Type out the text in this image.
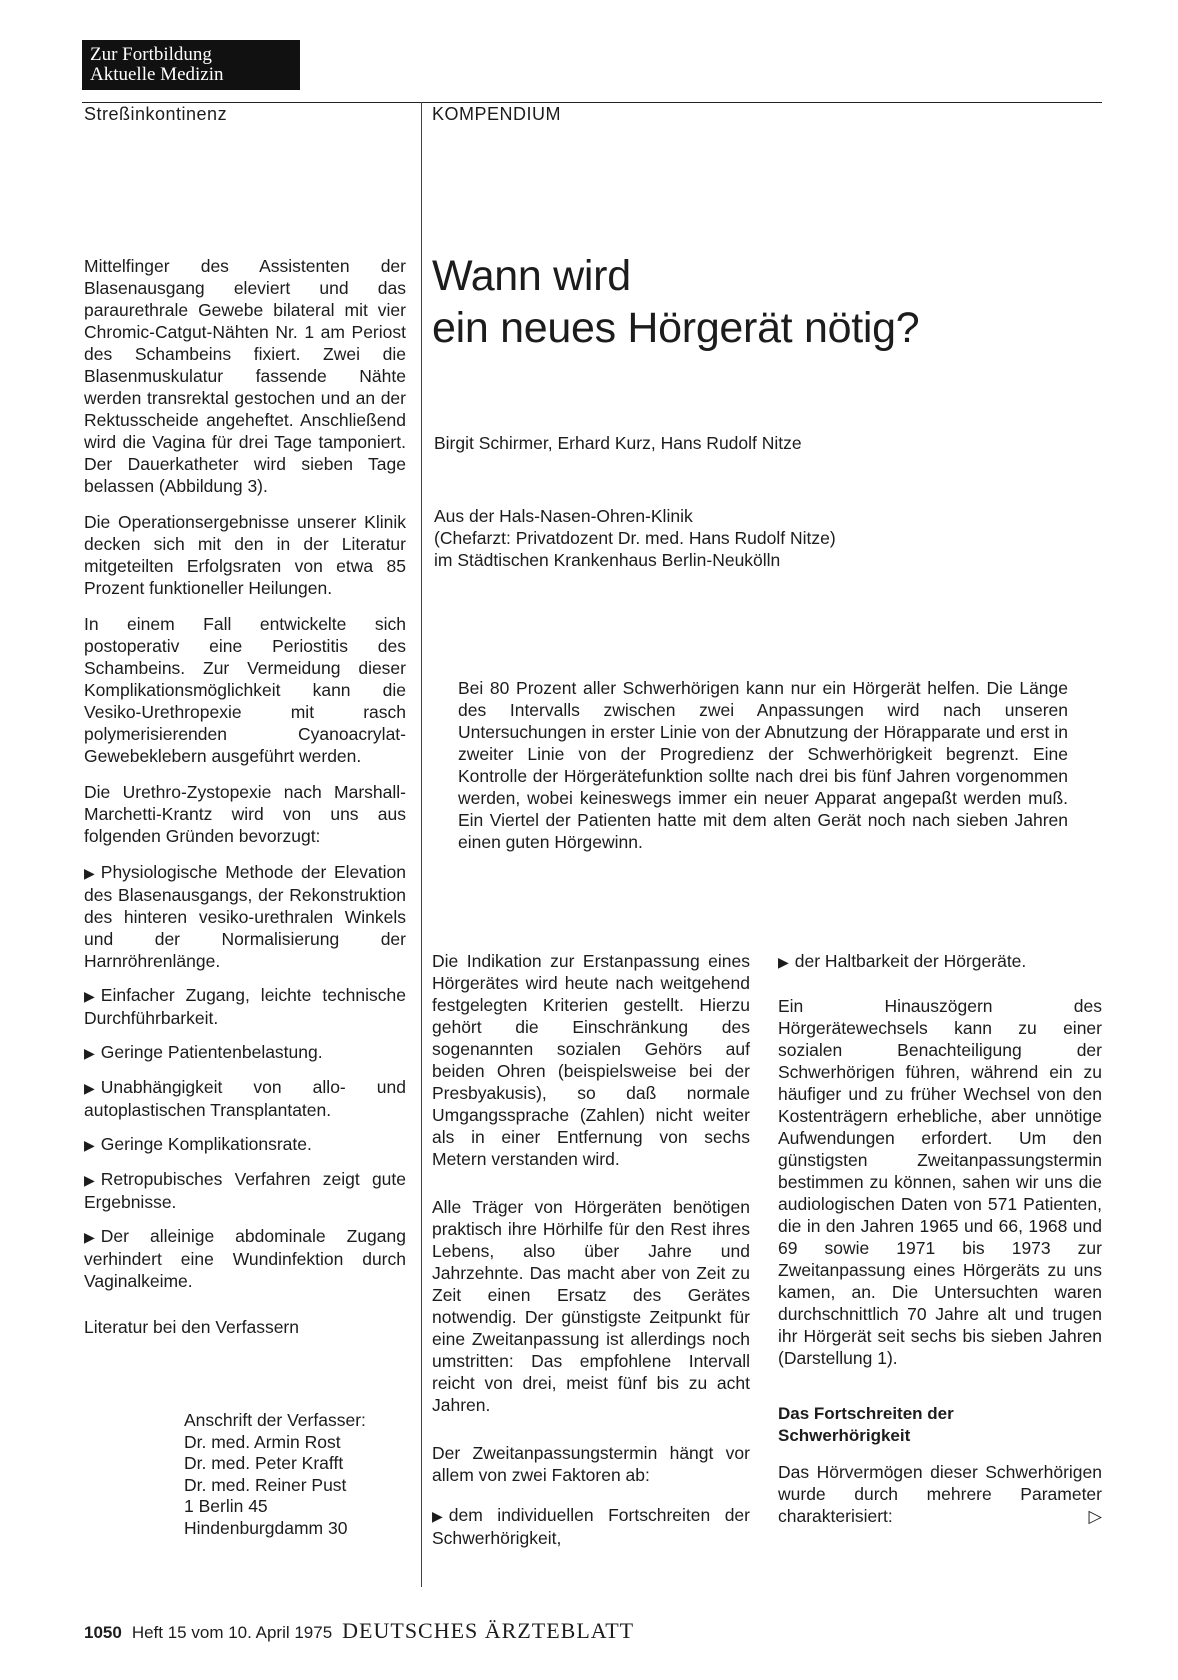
Zur Fortbildung
Aktuelle Medizin
Streßinkontinenz	KOMPENDIUM

Mittelfinger des Assistenten der Blasenausgang eleviert und das paraurethrale Gewebe bilateral mit vier Chromic-Catgut-Nähten Nr. 1 am Periost des Schambeins fixiert. Zwei die Blasenmuskulatur fassende Nähte werden transrektal gestochen und an der Rektusscheide angeheftet. Anschließend wird die Vagina für drei Tage tamponiert. Der Dauerkatheter wird sieben Tage belassen (Abbildung 3).

Die Operationsergebnisse unserer Klinik decken sich mit den in der Literatur mitgeteilten Erfolgsraten von etwa 85 Prozent funktioneller Heilungen.

In einem Fall entwickelte sich postoperativ eine Periostitis des Schambeins. Zur Vermeidung dieser Komplikationsmöglichkeit kann die Vesiko-Urethropexie mit rasch polymerisierenden Cyanoacrylat-Gewebeklebern ausgeführt werden.

Die Urethro-Zystopexie nach Marshall-Marchetti-Krantz wird von uns aus folgenden Gründen bevorzugt:

▶ Physiologische Methode der Elevation des Blasenausgangs, der Rekonstruktion des hinteren vesiko-urethralen Winkels und der Normalisierung der Harnröhrenlänge.

▶ Einfacher Zugang, leichte technische Durchführbarkeit.

▶ Geringe Patientenbelastung.

▶ Unabhängigkeit von allo- und autoplastischen Transplantaten.

▶ Geringe Komplikationsrate.

▶ Retropubisches Verfahren zeigt gute Ergebnisse.

▶ Der alleinige abdominale Zugang verhindert eine Wundinfektion durch Vaginalkeime.

Literatur bei den Verfassern

Anschrift der Verfasser:
Dr. med. Armin Rost
Dr. med. Peter Krafft
Dr. med. Reiner Pust
1 Berlin 45
Hindenburgdamm 30
Wann wird
ein neues Hörgerät nötig?
Birgit Schirmer, Erhard Kurz, Hans Rudolf Nitze
Aus der Hals-Nasen-Ohren-Klinik
(Chefarzt: Privatdozent Dr. med. Hans Rudolf Nitze)
im Städtischen Krankenhaus Berlin-Neukölln
Bei 80 Prozent aller Schwerhörigen kann nur ein Hörgerät helfen. Die Länge des Intervalls zwischen zwei Anpassungen wird nach unseren Untersuchungen in erster Linie von der Abnutzung der Hörapparate und erst in zweiter Linie von der Progredienz der Schwerhörigkeit begrenzt. Eine Kontrolle der Hörgerätefunktion sollte nach drei bis fünf Jahren vorgenommen werden, wobei keineswegs immer ein neuer Apparat angepaßt werden muß. Ein Viertel der Patienten hatte mit dem alten Gerät noch nach sieben Jahren einen guten Hörgewinn.

Die Indikation zur Erstanpassung eines Hörgerätes wird heute nach weitgehend festgelegten Kriterien gestellt. Hierzu gehört die Einschränkung des sogenannten sozialen Gehörs auf beiden Ohren (beispielsweise bei der Presbyakusis), so daß normale Umgangssprache (Zahlen) nicht weiter als in einer Entfernung von sechs Metern verstanden wird.

Alle Träger von Hörgeräten benötigen praktisch ihre Hörhilfe für den Rest ihres Lebens, also über Jahre und Jahrzehnte. Das macht aber von Zeit zu Zeit einen Ersatz des Gerätes notwendig. Der günstigste Zeitpunkt für eine Zweitanpassung ist allerdings noch umstritten: Das empfohlene Intervall reicht von drei, meist fünf bis zu acht Jahren.

Der Zweitanpassungstermin hängt vor allem von zwei Faktoren ab:

▶ dem individuellen Fortschreiten der Schwerhörigkeit,

▶ der Haltbarkeit der Hörgeräte.

Ein Hinauszögern des Hörgerätewechsels kann zu einer sozialen Benachteiligung der Schwerhörigen führen, während ein zu häufiger und zu früher Wechsel von den Kostenträgern erhebliche, aber unnötige Aufwendungen erfordert. Um den günstigsten Zweitanpassungstermin bestimmen zu können, sahen wir uns die audiologischen Daten von 571 Patienten, die in den Jahren 1965 und 66, 1968 und 69 sowie 1971 bis 1973 zur Zweitanpassung eines Hörgeräts zu uns kamen, an. Die Untersuchten waren durchschnittlich 70 Jahre alt und trugen ihr Hörgerät seit sechs bis sieben Jahren (Darstellung 1).

Das Fortschreiten der
Schwerhörigkeit

Das Hörvermögen dieser Schwerhörigen wurde durch mehrere Parameter charakterisiert:	▷

1050 Heft 15 vom 10. April 1975 DEUTSCHES ÄRZTEBLATT
